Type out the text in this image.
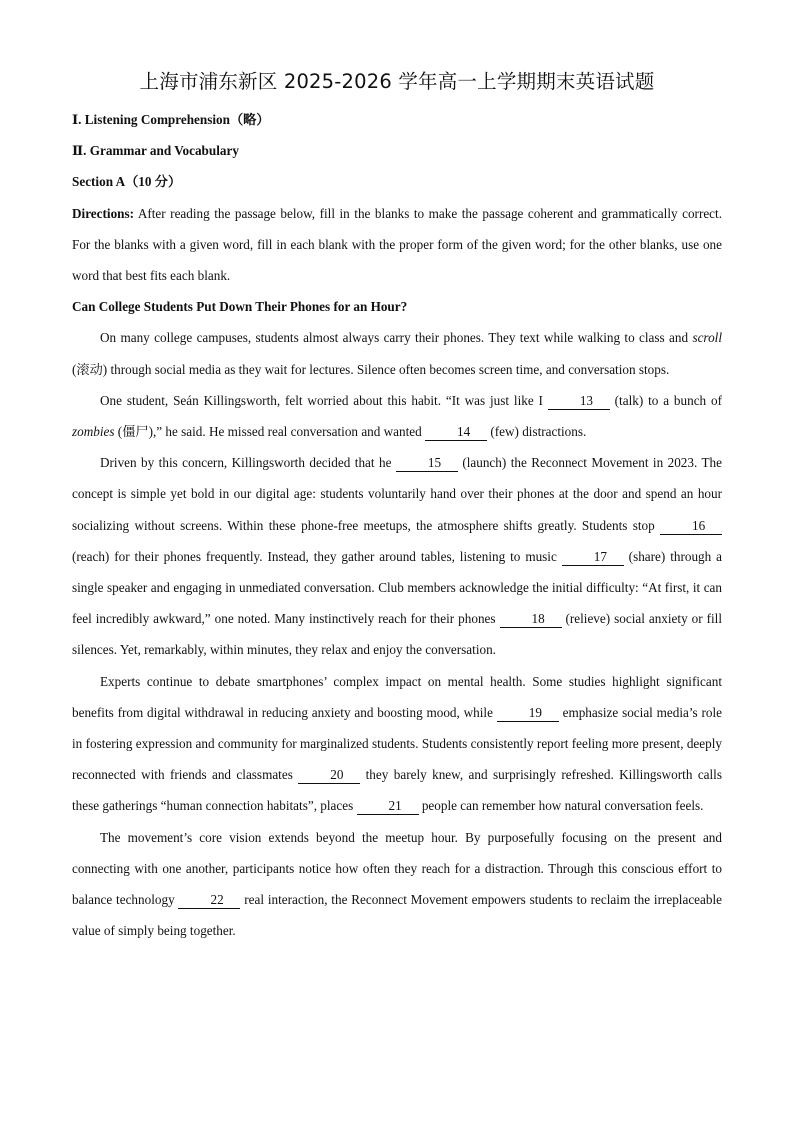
上海市浦东新区 2025-2026 学年高一上学期期末英语试题

Ⅰ. Listening Comprehension（略）

Ⅱ. Grammar and Vocabulary

Section A（10 分）

Directions: After reading the passage below, fill in the blanks to make the passage coherent and grammatically correct. For the blanks with a given word, fill in each blank with the proper form of the given word; for the other blanks, use one word that best fits each blank.

Can College Students Put Down Their Phones for an Hour?

On many college campuses, students almost always carry their phones. They text while walking to class and scroll (滚动) through social media as they wait for lectures. Silence often becomes screen time, and conversation stops.

One student, Seán Killingsworth, felt worried about this habit. “It was just like I 13 (talk) to a bunch of zombies (僵尸),” he said. He missed real conversation and wanted 14 (few) distractions.

Driven by this concern, Killingsworth decided that he 15 (launch) the Reconnect Movement in 2023. The concept is simple yet bold in our digital age: students voluntarily hand over their phones at the door and spend an hour socializing without screens. Within these phone-free meetups, the atmosphere shifts greatly. Students stop 16 (reach) for their phones frequently. Instead, they gather around tables, listening to music 17 (share) through a single speaker and engaging in unmediated conversation. Club members acknowledge the initial difficulty: “At first, it can feel incredibly awkward,” one noted. Many instinctively reach for their phones 18 (relieve) social anxiety or fill silences. Yet, remarkably, within minutes, they relax and enjoy the conversation.

Experts continue to debate smartphones’ complex impact on mental health. Some studies highlight significant benefits from digital withdrawal in reducing anxiety and boosting mood, while 19 emphasize social media’s role in fostering expression and community for marginalized students. Students consistently report feeling more present, deeply reconnected with friends and classmates 20 they barely knew, and surprisingly refreshed. Killingsworth calls these gatherings “human connection habitats”, places 21 people can remember how natural conversation feels.

The movement’s core vision extends beyond the meetup hour. By purposefully focusing on the present and connecting with one another, participants notice how often they reach for a distraction. Through this conscious effort to balance technology 22 real interaction, the Reconnect Movement empowers students to reclaim the irreplaceable value of simply being together.
